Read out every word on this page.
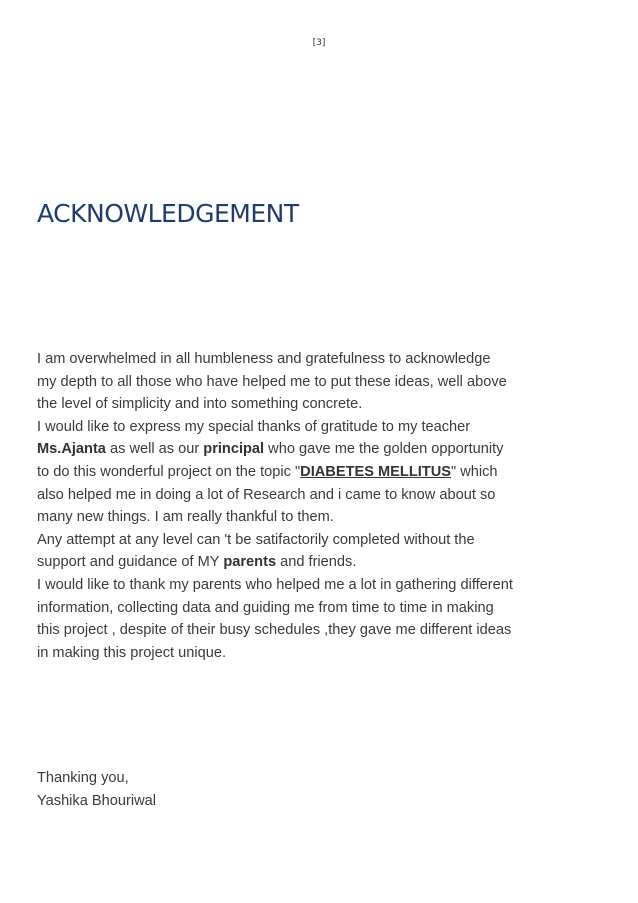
[3]
ACKNOWLEDGEMENT
I am overwhelmed in all humbleness and gratefulness to acknowledge
my depth to all those who have helped me to put these ideas, well above
the level of simplicity and into something concrete.
I would like to express my special thanks of gratitude to my teacher
Ms.Ajanta as well as our principal who gave me the golden opportunity
to do this wonderful project on the topic "DIABETES MELLITUS" which
also helped me in doing a lot of Research and i came to know about so
many new things. I am really thankful to them.
Any attempt at any level can 't be satifactorily completed without the
support and guidance of MY parents and friends.
I would like to thank my parents who helped me a lot in gathering different
information, collecting data and guiding me from time to time in making
this project , despite of their busy schedules ,they gave me different ideas
in making this project unique.
Thanking you,
Yashika Bhouriwal
